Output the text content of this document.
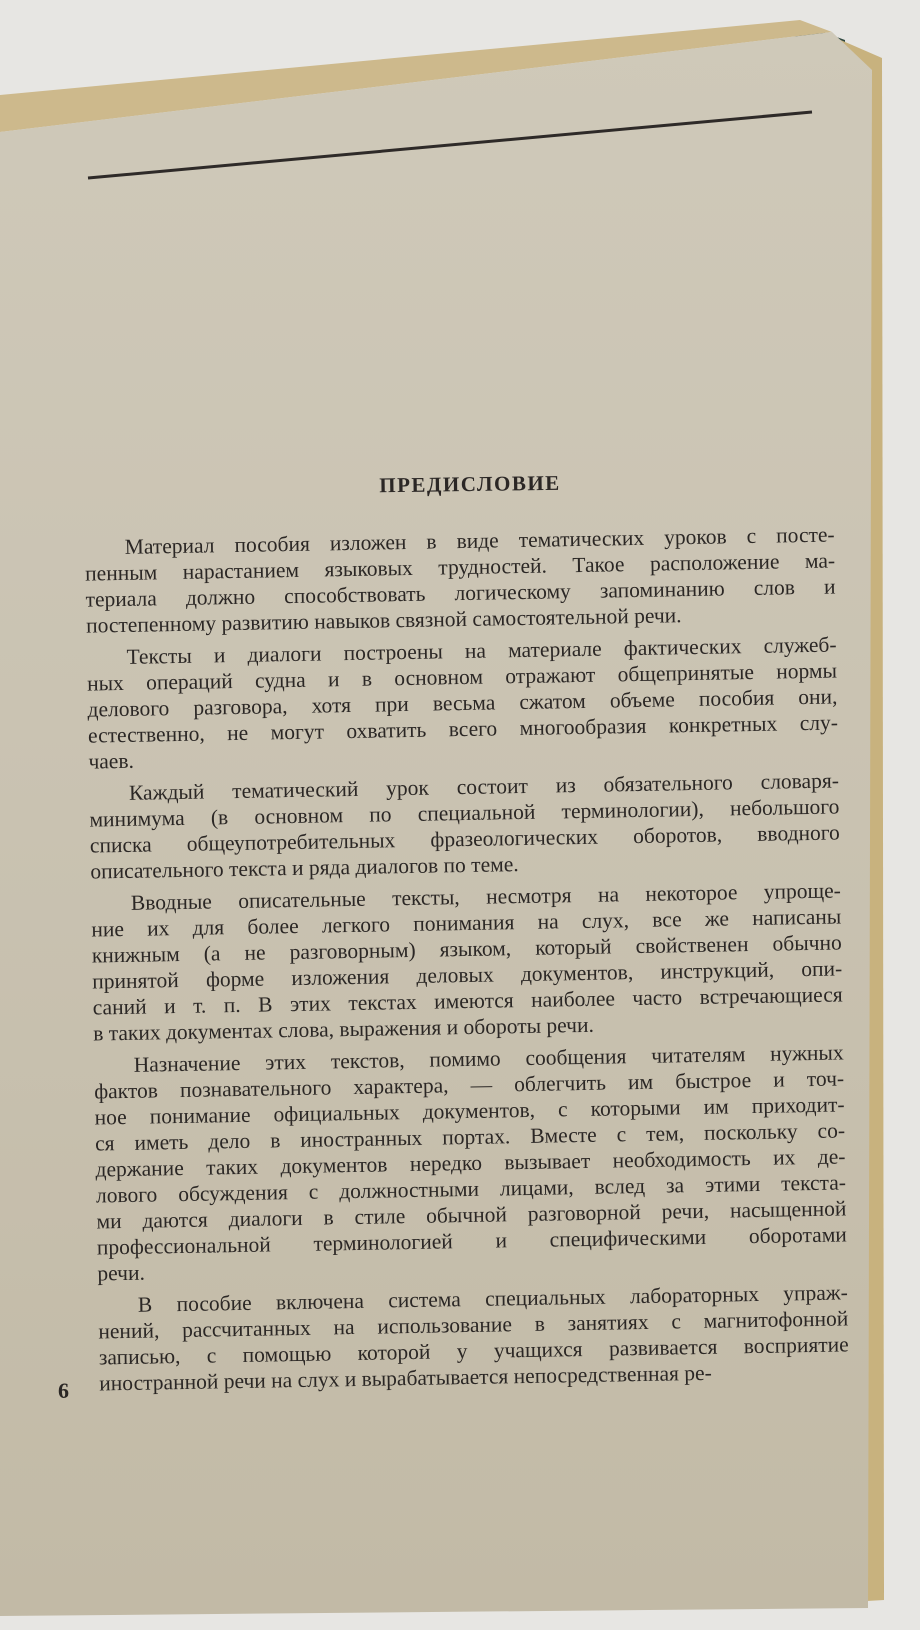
ПРЕДИСЛОВИЕ
Материал пособия изложен в виде тематических уроков с посте-
пенным нарастанием языковых трудностей. Такое расположение ма-
териала должно способствовать логическому запоминанию слов и
постепенному развитию навыков связной самостоятельной речи.
Тексты и диалоги построены на материале фактических служеб-
ных операций судна и в основном отражают общепринятые нормы
делового разговора, хотя при весьма сжатом объеме пособия они,
естественно, не могут охватить всего многообразия конкретных слу-
чаев.
Каждый тематический урок состоит из обязательного словаря-
минимума (в основном по специальной терминологии), небольшого
списка общеупотребительных фразеологических оборотов, вводного
описательного текста и ряда диалогов по теме.
Вводные описательные тексты, несмотря на некоторое упроще-
ние их для более легкого понимания на слух, все же написаны
книжным (а не разговорным) языком, который свойственен обычно
принятой форме изложения деловых документов, инструкций, опи-
саний и т. п. В этих текстах имеются наиболее часто встречающиеся
в таких документах слова, выражения и обороты речи.
Назначение этих текстов, помимо сообщения читателям нужных
фактов познавательного характера, — облегчить им быстрое и точ-
ное понимание официальных документов, с которыми им приходит-
ся иметь дело в иностранных портах. Вместе с тем, поскольку со-
держание таких документов нередко вызывает необходимость их де-
лового обсуждения с должностными лицами, вслед за этими текста-
ми даются диалоги в стиле обычной разговорной речи, насыщенной
профессиональной терминологией и специфическими оборотами
речи.
В пособие включена система специальных лабораторных упраж-
нений, рассчитанных на использование в занятиях с магнитофонной
записью, с помощью которой у учащихся развивается восприятие
иностранной речи на слух и вырабатывается непосредственная ре-
6
